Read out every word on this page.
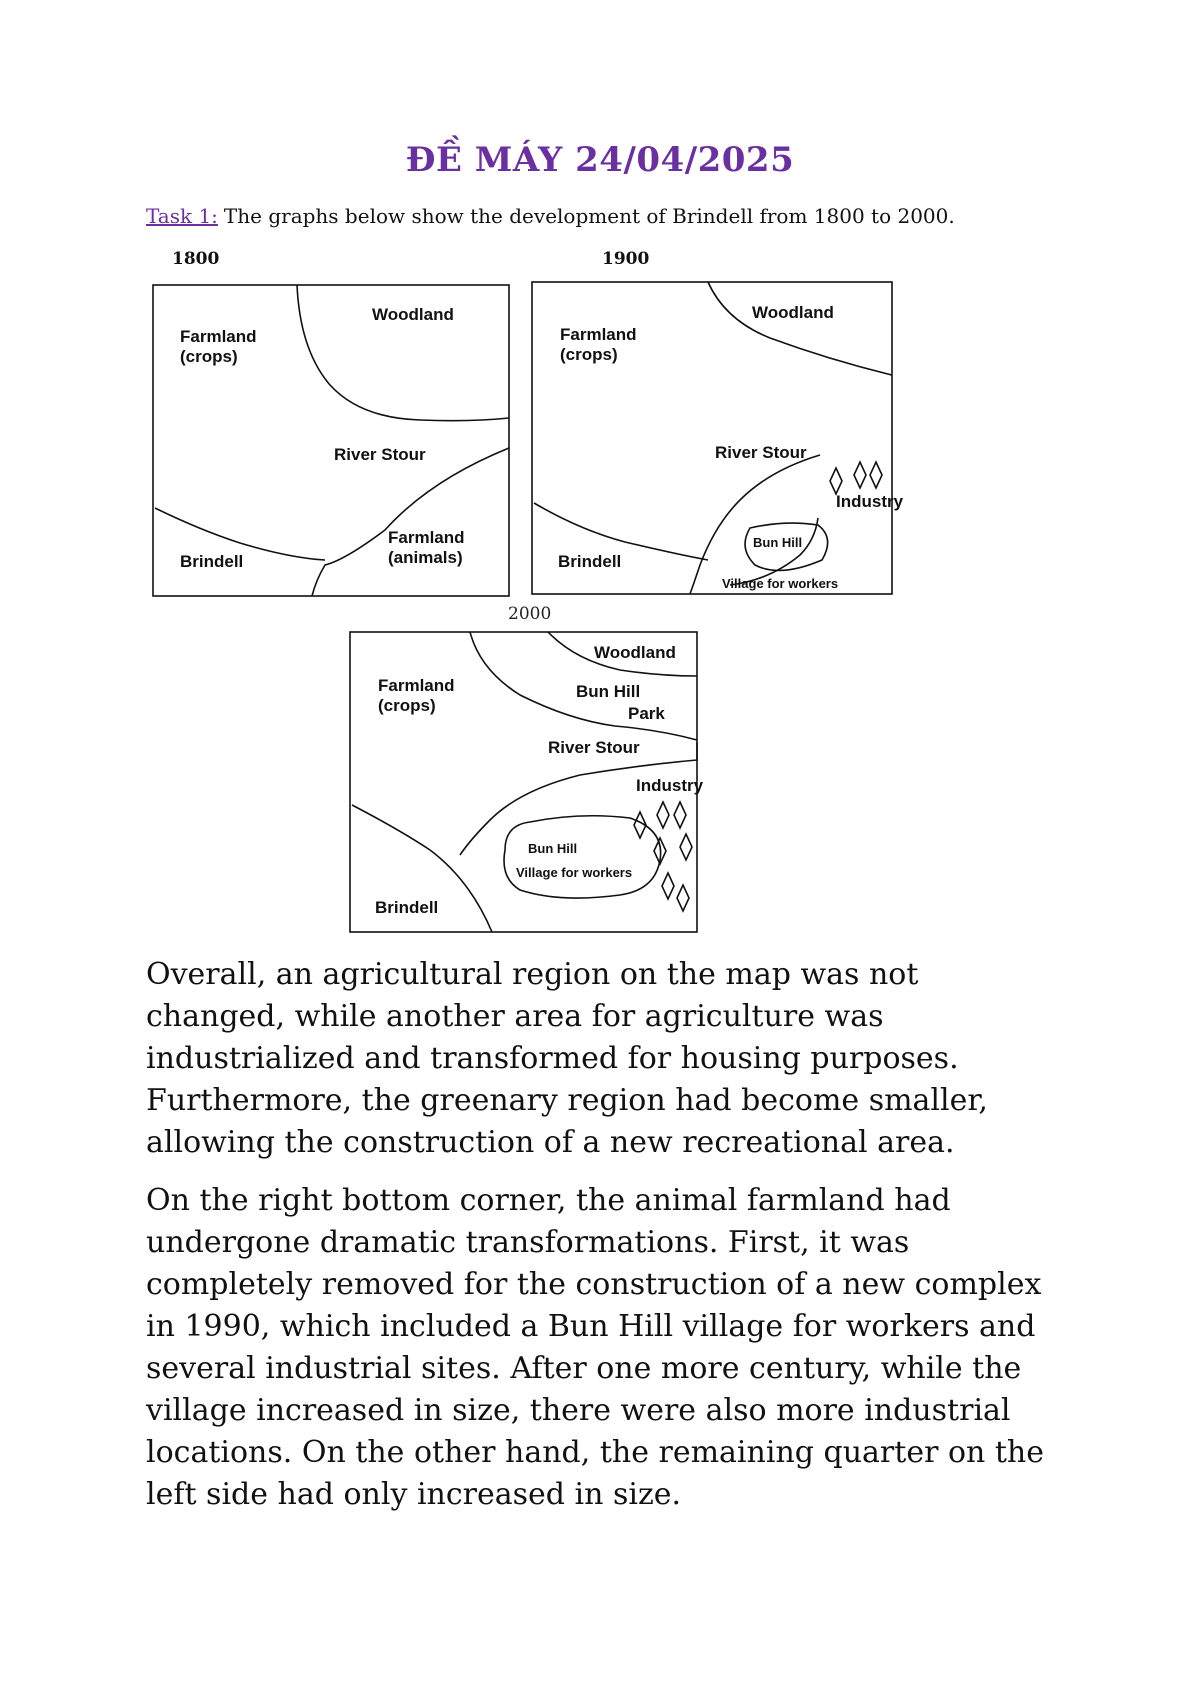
ĐỀ MÁY 24/04/2025
Task 1: The graphs below show the development of Brindell from 1800 to 2000.
1800
Farmland
(crops)
Woodland
River Stour
Farmland
(animals)
Brindell
1900
Farmland
(crops)
Woodland
River Stour
Industry
Bun Hill
Village for workers
Brindell
2000
Farmland
(crops)
Woodland
Bun Hill
Park
River Stour
Industry
Bun Hill
Village for workers
Brindell

Overall, an agricultural region on the map was not changed, while another area for agriculture was industrialized and transformed for housing purposes. Furthermore, the greenary region had become smaller, allowing the construction of a new recreational area.

On the right bottom corner, the animal farmland had undergone dramatic transformations. First, it was completely removed for the construction of a new complex in 1990, which included a Bun Hill village for workers and several industrial sites. After one more century, while the village increased in size, there were also more industrial locations. On the other hand, the remaining quarter on the left side had only increased in size.
